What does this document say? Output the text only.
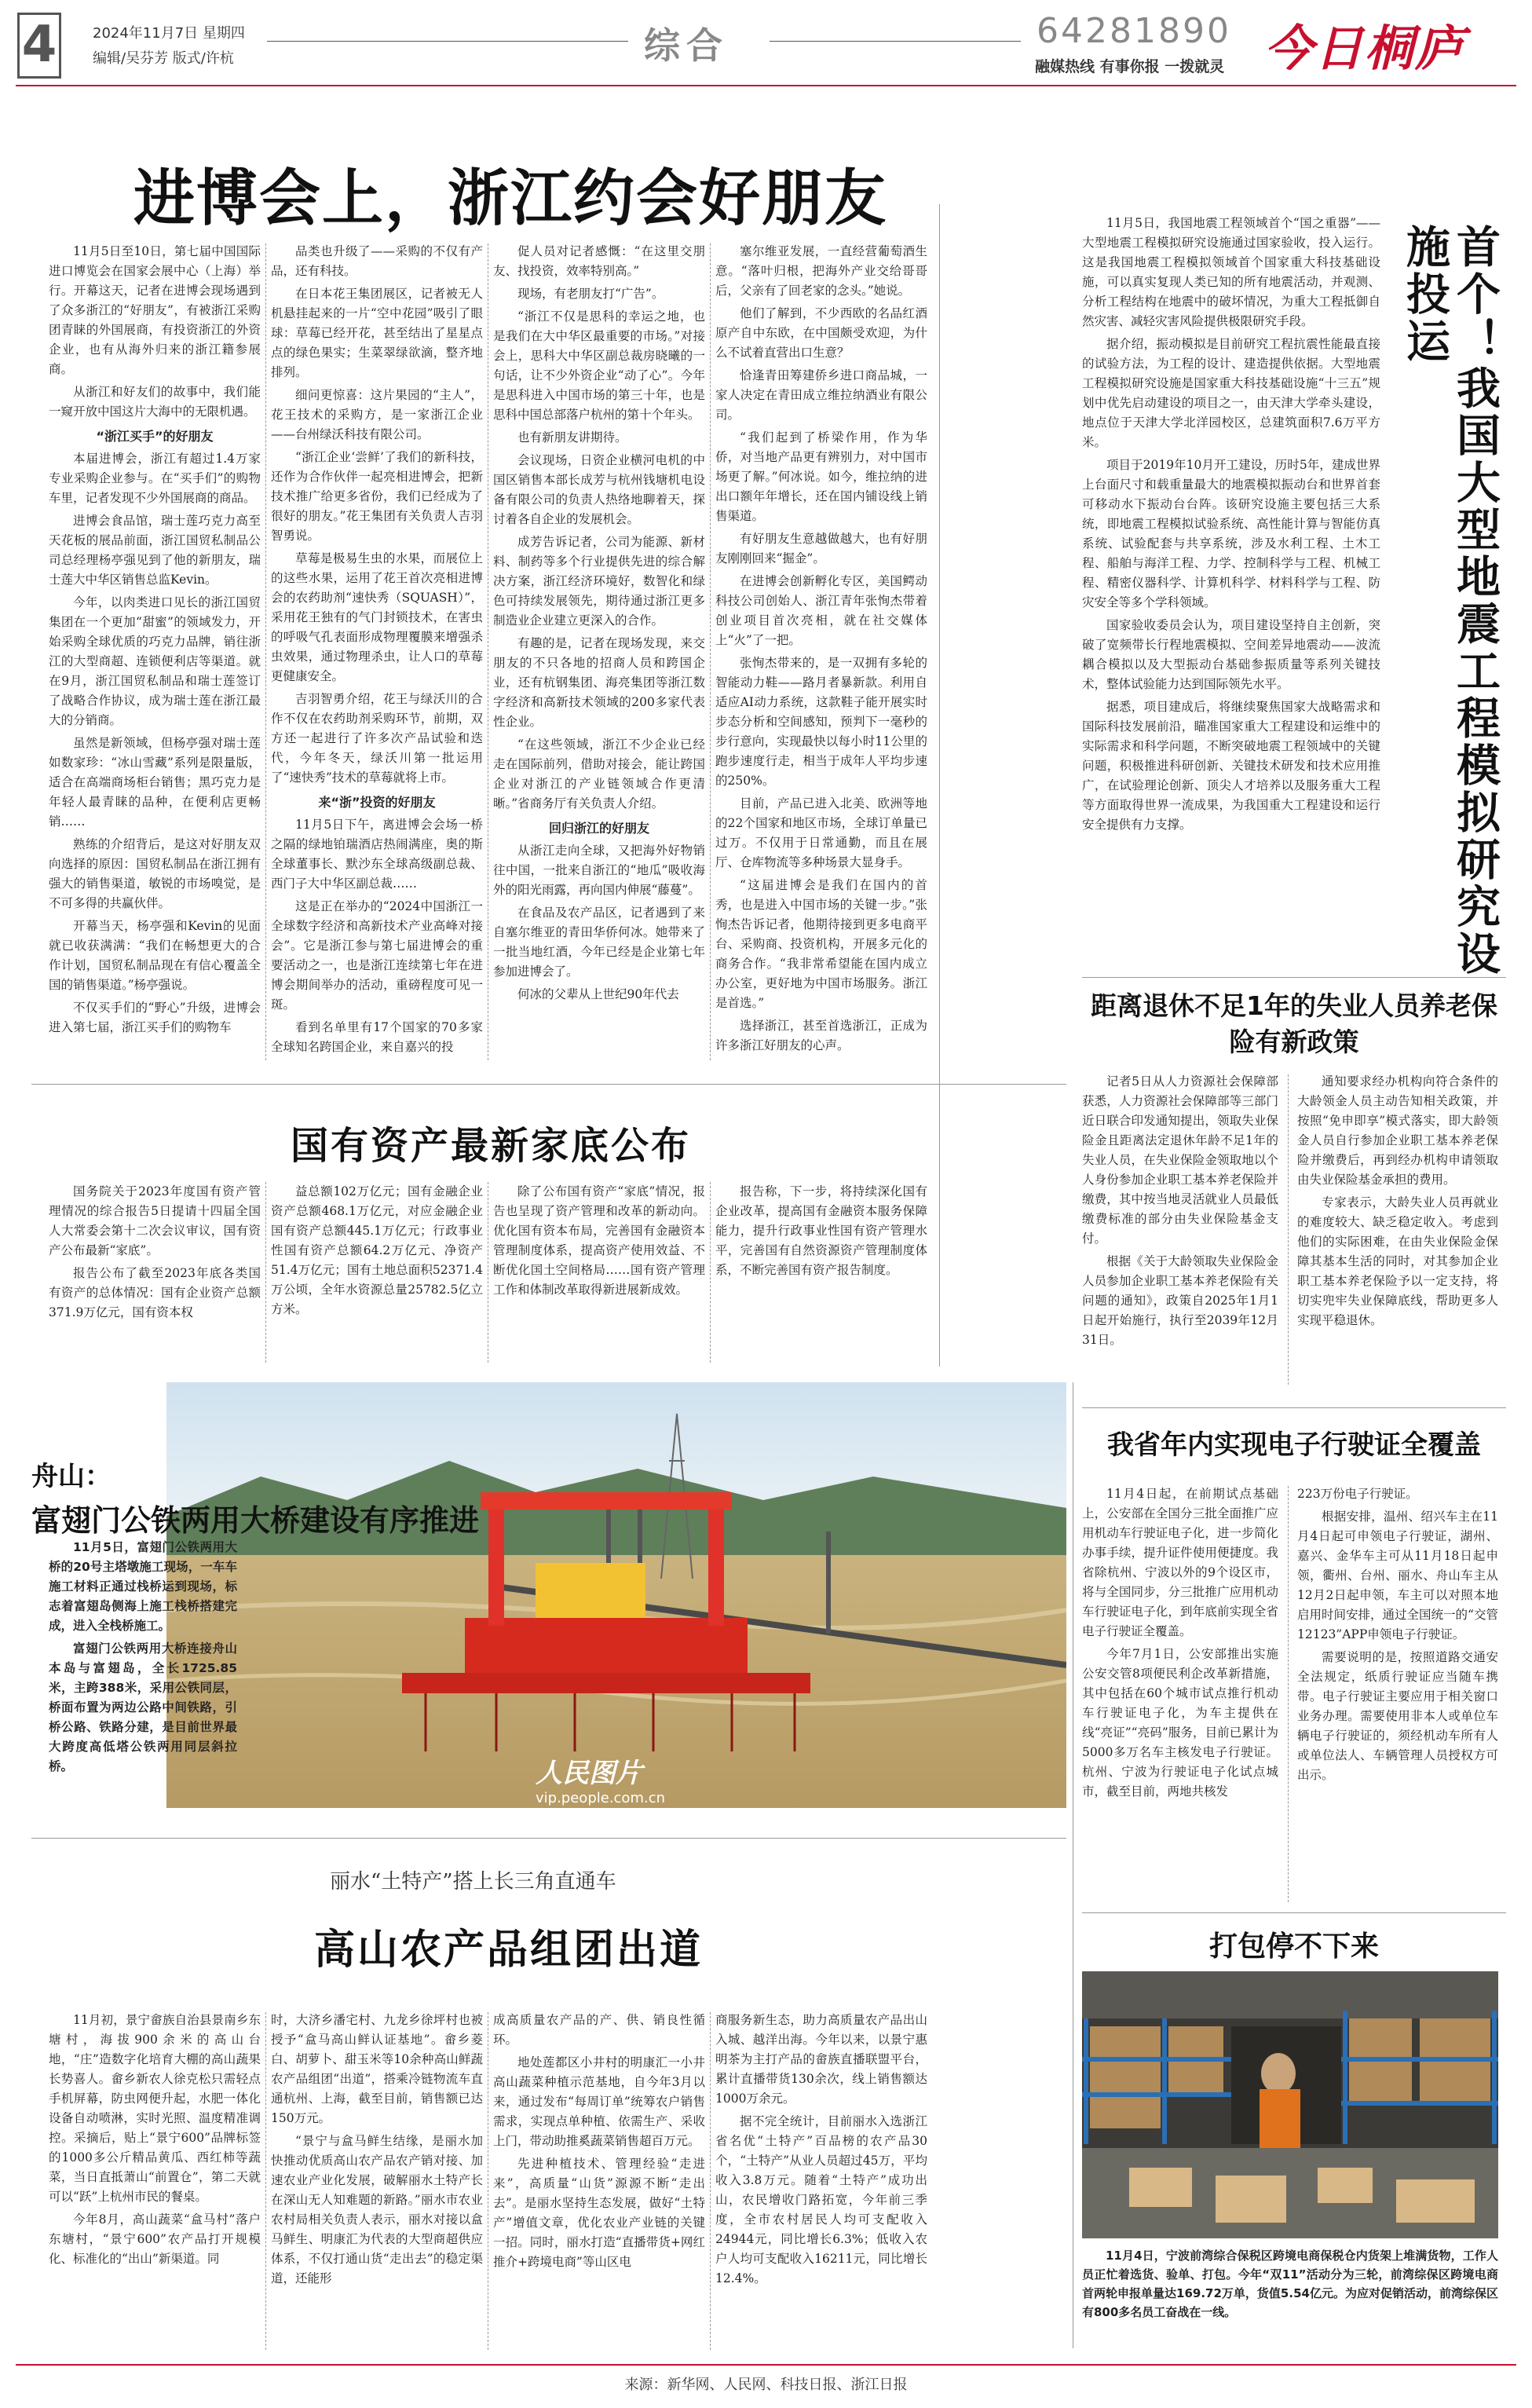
4	2024年11月7日 星期四
编辑/吴芬芳 版式/许杭	综合	64281890
融媒热线 有事你报 一拨就灵 今日桐庐
进博会上，浙江约会好朋友

11月5日至10日，第七届中国国际进口博览会在国家会展中心（上海）举行。开幕这天，记者在进博会现场遇到了众多浙江的“好朋友”，有被浙江采购团青睐的外国展商，有投资浙江的外资企业，也有从海外归来的浙江籍参展商。

从浙江和好友们的故事中，我们能一窥开放中国这片大海中的无限机遇。

“浙江买手”的好朋友

本届进博会，浙江有超过1.4万家专业采购企业参与。在“买手们”的购物车里，记者发现不少外国展商的商品。

进博会食品馆，瑞士莲巧克力高至天花板的展品前面，浙江国贸私制品公司总经理杨亭强见到了他的新朋友，瑞士莲大中华区销售总监Kevin。

今年，以肉类进口见长的浙江国贸集团在一个更加“甜蜜”的领域发力，开始采购全球优质的巧克力品牌，销往浙江的大型商超、连锁便利店等渠道。就在9月，浙江国贸私制品和瑞士莲签订了战略合作协议，成为瑞士莲在浙江最大的分销商。

虽然是新领域，但杨亭强对瑞士莲如数家珍：“冰山雪藏”系列是限量版，适合在高端商场柜台销售；黑巧克力是年轻人最青睐的品种，在便利店更畅销……

熟练的介绍背后，是这对好朋友双向选择的原因：国贸私制品在浙江拥有强大的销售渠道，敏锐的市场嗅觉，是不可多得的共赢伙伴。

开幕当天，杨亭强和Kevin的见面就已收获满满：“我们在畅想更大的合作计划，国贸私制品现在有信心覆盖全国的销售渠道。”杨亭强说。

不仅买手们的“野心”升级，进博会进入第七届，浙江买手们的购物车

品类也升级了——采购的不仅有产品，还有科技。

在日本花王集团展区，记者被无人机悬挂起来的一片“空中花园”吸引了眼球：草莓已经开花，甚至结出了星星点点的绿色果实；生菜翠绿欲滴，整齐地排列。

细问更惊喜：这片果园的“主人”，花王技术的采购方，是一家浙江企业——台州绿沃科技有限公司。

“浙江企业‘尝鲜’了我们的新科技，还作为合作伙伴一起亮相进博会，把新技术推广给更多省份，我们已经成为了很好的朋友。”花王集团有关负责人吉羽智勇说。

草莓是极易生虫的水果，而展位上的这些水果，运用了花王首次亮相进博会的农药助剂“速快秀（SQUASH）”，采用花王独有的气门封锁技术，在害虫的呼吸气孔表面形成物理覆膜来增强杀虫效果，通过物理杀虫，让人口的草莓更健康安全。

吉羽智勇介绍，花王与绿沃川的合作不仅在农药助剂采购环节，前期，双方还一起进行了许多次产品试验和迭代，今年冬天，绿沃川第一批运用了“速快秀”技术的草莓就将上市。

来“浙”投资的好朋友

11月5日下午，离进博会会场一桥之隔的绿地铂瑞酒店热闹满座，奥的斯全球董事长、默沙东全球高级副总裁、西门子大中华区副总裁……

这是正在举办的“2024中国浙江一全球数字经济和高新技术产业高峰对接会”。它是浙江参与第七届进博会的重要活动之一，也是浙江连续第七年在进博会期间举办的活动，重磅程度可见一斑。

看到名单里有17个国家的70多家全球知名跨国企业，来自嘉兴的投

促人员对记者感慨：“在这里交朋友、找投资，效率特别高。”

现场，有老朋友打“广告”。

“浙江不仅是思科的幸运之地，也是我们在大中华区最重要的市场。”对接会上，思科大中华区副总裁房晓曦的一句话，让不少外资企业“动了心”。今年是思科进入中国市场的第三十年，也是思科中国总部落户杭州的第十个年头。

也有新朋友讲期待。

会议现场，日资企业横河电机的中国区销售本部长成芳与杭州钱塘机电设备有限公司的负责人热络地聊着天，探讨着各自企业的发展机会。

成芳告诉记者，公司为能源、新材料、制药等多个行业提供先进的综合解决方案，浙江经济环境好，数智化和绿色可持续发展领先，期待通过浙江更多制造业企业建立更深入的合作。

有趣的是，记者在现场发现，来交朋友的不只各地的招商人员和跨国企业，还有杭钢集团、海亮集团等浙江数字经济和高新技术领域的200多家代表性企业。

“在这些领域，浙江不少企业已经走在国际前列，借助对接会，能让跨国企业对浙江的产业链领域合作更清晰。”省商务厅有关负责人介绍。

回归浙江的好朋友

从浙江走向全球，又把海外好物销往中国，一批来自浙江的“地瓜”吸收海外的阳光雨露，再向国内伸展“藤蔓”。

在食品及农产品区，记者遇到了来自塞尔维亚的青田华侨何冰。她带来了一批当地红酒，今年已经是企业第七年参加进博会了。

何冰的父辈从上世纪90年代去

塞尔维亚发展，一直经营葡萄酒生意。“落叶归根，把海外产业交给哥哥后，父亲有了回老家的念头。”她说。

他们了解到，不少西欧的名品红酒原产自中东欧，在中国颇受欢迎，为什么不试着直营出口生意？

恰逢青田筹建侨乡进口商品城，一家人决定在青田成立维拉纳酒业有限公司。

“我们起到了桥梁作用，作为华侨，对当地产品更有辨别力，对中国市场更了解。”何冰说。如今，维拉纳的进出口额年年增长，还在国内铺设线上销售渠道。

有好朋友生意越做越大，也有好朋友刚刚回来“掘金”。

在进博会创新孵化专区，美国鳄动科技公司创始人、浙江青年张恂杰带着创业项目首次亮相，就在社交媒体上“火”了一把。

张恂杰带来的，是一双拥有多轮的智能动力鞋——路月者暴新款。利用自适应AI动力系统，这款鞋子能开展实时步态分析和空间感知，预判下一毫秒的步行意向，实现最快以每小时11公里的跑步速度行走，相当于成年人平均步速的250%。

目前，产品已进入北美、欧洲等地的22个国家和地区市场，全球订单量已过万。不仅用于日常通勤，而且在展厅、仓库物流等多种场景大显身手。

“这届进博会是我们在国内的首秀，也是进入中国市场的关键一步。”张恂杰告诉记者，他期待接到更多电商平台、采购商、投资机构，开展多元化的商务合作。“我非常希望能在国内成立办公室，更好地为中国市场服务。浙江是首选。”

选择浙江，甚至首选浙江，正成为许多浙江好朋友的心声。

11月5日，我国地震工程领域首个“国之重器”——大型地震工程模拟研究设施通过国家验收，投入运行。这是我国地震工程模拟领域首个国家重大科技基础设施，可以真实复现人类已知的所有地震活动，并观测、分析工程结构在地震中的破坏情况，为重大工程抵御自然灾害、减轻灾害风险提供极限研究手段。

据介绍，振动模拟是目前研究工程抗震性能最直接的试验方法，为工程的设计、建造提供依据。大型地震工程模拟研究设施是国家重大科技基础设施“十三五”规划中优先启动建设的项目之一，由天津大学牵头建设，地点位于天津大学北洋园校区，总建筑面积7.6万平方米。

项目于2019年10月开工建设，历时5年，建成世界上台面尺寸和载重量最大的地震模拟振动台和世界首套可移动水下振动台台阵。该研究设施主要包括三大系统，即地震工程模拟试验系统、高性能计算与智能仿真系统、试验配套与共享系统，涉及水利工程、土木工程、船舶与海洋工程、力学、控制科学与工程、机械工程、精密仪器科学、计算机科学、材料科学与工程、防灾安全等多个学科领域。

国家验收委员会认为，项目建设坚持自主创新，突破了宽频带长行程地震模拟、空间差异地震动——波流耦合模拟以及大型振动台基础参振质量等系列关键技术，整体试验能力达到国际领先水平。

据悉，项目建成后，将继续聚焦国家大战略需求和国际科技发展前沿，瞄准国家重大工程建设和运维中的实际需求和科学问题，不断突破地震工程领域中的关键问题，积极推进科研创新、关键技术研发和技术应用推广，在试验理论创新、顶尖人才培养以及服务重大工程等方面取得世界一流成果，为我国重大工程建设和运行安全提供有力支撑。	首个！我国大型地震工程模拟研究设施投运
距离退休不足1年的失业人员养老保险有新政策

记者5日从人力资源社会保障部获悉，人力资源社会保障部等三部门近日联合印发通知提出，领取失业保险金且距离法定退休年龄不足1年的失业人员，在失业保险金领取地以个人身份参加企业职工基本养老保险并缴费，其中按当地灵活就业人员最低缴费标准的部分由失业保险基金支付。

根据《关于大龄领取失业保险金人员参加企业职工基本养老保险有关问题的通知》，政策自2025年1月1日起开始施行，执行至2039年12月31日。

通知要求经办机构向符合条件的大龄领金人员主动告知相关政策，并按照“免申即享”模式落实，即大龄领金人员自行参加企业职工基本养老保险并缴费后，再到经办机构申请领取由失业保险基金承担的费用。

专家表示，大龄失业人员再就业的难度较大、缺乏稳定收入。考虑到他们的实际困难，在由失业保险金保障其基本生活的同时，对其参加企业职工基本养老保险予以一定支持，将切实兜牢失业保障底线，帮助更多人实现平稳退休。

国有资产最新家底公布

国务院关于2023年度国有资产管理情况的综合报告5日提请十四届全国人大常委会第十二次会议审议，国有资产公布最新“家底”。

报告公布了截至2023年底各类国有资产的总体情况：国有企业资产总额371.9万亿元，国有资本权

益总额102万亿元；国有金融企业资产总额468.1万亿元，对应金融企业国有资产总额445.1万亿元；行政事业性国有资产总额64.2万亿元、净资产51.4万亿元；国有土地总面积52371.4万公顷，全年水资源总量25782.5亿立方米。

除了公布国有资产“家底”情况，报告也呈现了资产管理和改革的新动向。优化国有资本布局，完善国有金融资本管理制度体系，提高资产使用效益、不断优化国土空间格局……国有资产管理工作和体制改革取得新进展新成效。

报告称，下一步，将持续深化国有企业改革，提高国有金融资本服务保障能力，提升行政事业性国有资产管理水平，完善国有自然资源资产管理制度体系，不断完善国有资产报告制度。

人民图片
vip.people.com.cn
舟山：
富翅门公铁两用大桥建设有序推进

11月5日，富翅门公铁两用大桥的20号主塔墩施工现场，一车车施工材料正通过栈桥运到现场，标志着富翅岛侧海上施工栈桥搭建完成，进入全栈桥施工。

富翅门公铁两用大桥连接舟山本岛与富翅岛，全长1725.85米，主跨388米，采用公铁同层，桥面布置为两边公路中间铁路，引桥公路、铁路分建，是目前世界最大跨度高低塔公铁两用同层斜拉桥。

我省年内实现电子行驶证全覆盖

11月4日起，在前期试点基础上，公安部在全国分三批全面推广应用机动车行驶证电子化，进一步简化办事手续，提升证件使用便捷度。我省除杭州、宁波以外的9个设区市，将与全国同步，分三批推广应用机动车行驶证电子化，到年底前实现全省电子行驶证全覆盖。

今年7月1日，公安部推出实施公安交管8项便民利企改革新措施，其中包括在60个城市试点推行机动车行驶证电子化，为车主提供在线“亮证”“亮码”服务，目前已累计为5000多万名车主核发电子行驶证。杭州、宁波为行驶证电子化试点城市，截至目前，两地共核发

223万份电子行驶证。

根据安排，温州、绍兴车主在11月4日起可申领电子行驶证，湖州、嘉兴、金华车主可从11月18日起申领，衢州、台州、丽水、舟山车主从12月2日起申领，车主可以对照本地启用时间安排，通过全国统一的“交管12123”APP申领电子行驶证。

需要说明的是，按照道路交通安全法规定，纸质行驶证应当随车携带。电子行驶证主要应用于相关窗口业务办理。需要使用非本人或单位车辆电子行驶证的，须经机动车所有人或单位法人、车辆管理人员授权方可出示。

丽水“土特产”搭上长三角直通车
高山农产品组团出道

11月初，景宁畲族自治县景南乡东塘村，海拔900余米的高山台地，“庄”造数字化培育大棚的高山蔬果长势喜人。畲乡新农人徐克松只需轻点手机屏幕，防虫网便升起，水肥一体化设备自动喷淋，实时光照、温度精准调控。采摘后，贴上“景宁600”品牌标签的1000多公斤精品黄瓜、西红柿等蔬菜，当日直抵萧山“前置仓”，第二天就可以“跃”上杭州市民的餐桌。

今年8月，高山蔬菜“盒马村”落户东塘村，“景宁600”农产品打开规模化、标准化的“出山”新渠道。同

时，大济乡潘宅村、九龙乡徐坪村也被授予“盒马高山鲜认证基地”。畲乡菱白、胡萝卜、甜玉米等10余种高山鲜蔬农产品组团“出道”，搭乘冷链物流车直通杭州、上海，截至目前，销售额已达150万元。

“景宁与盒马鲜生结缘，是丽水加快推动优质高山农产品农产销对接、加速农业产业化发展，破解丽水土特产长在深山无人知难题的新路。”丽水市农业农村局相关负责人表示，丽水对接以盒马鲜生、明康汇为代表的大型商超供应体系，不仅打通山货“走出去”的稳定渠道，还能形

成高质量农产品的产、供、销良性循环。

地处莲都区小井村的明康汇一小井高山蔬菜种植示范基地，自今年3月以来，通过发布“每周订单”统筹农户销售需求，实现点单种植、依需生产、采收上门，带动助推奚蔬菜销售超百万元。

先进种植技术、管理经验“走进来”，高质量“山货”源源不断“走出去”。是丽水坚持生态发展，做好“土特产”增值文章，优化农业产业链的关键一招。同时，丽水打造“直播带货+网红推介+跨境电商”等山区电

商服务新生态，助力高质量农产品出山入城、越洋出海。今年以来，以景宁惠明茶为主打产品的畲族直播联盟平台，累计直播带货130余次，线上销售额达1000万余元。

据不完全统计，目前丽水入选浙江省名优“土特产”百品榜的农产品30个，“土特产”从业人员超过45万，平均收入3.8万元。随着“土特产”成功出山，农民增收门路拓宽，今年前三季度，全市农村居民人均可支配收入24944元，同比增长6.3%；低收入农户人均可支配收入16211元，同比增长12.4%。

打包停不下来

11月4日，宁波前湾综合保税区跨境电商保税仓内货架上堆满货物，工作人员正忙着选货、验单、打包。今年“双11”活动分为三轮，前湾综保区跨境电商首两轮申报单量达169.72万单，货值5.54亿元。为应对促销活动，前湾综保区有800多名员工奋战在一线。

来源：新华网、人民网、科技日报、浙江日报
